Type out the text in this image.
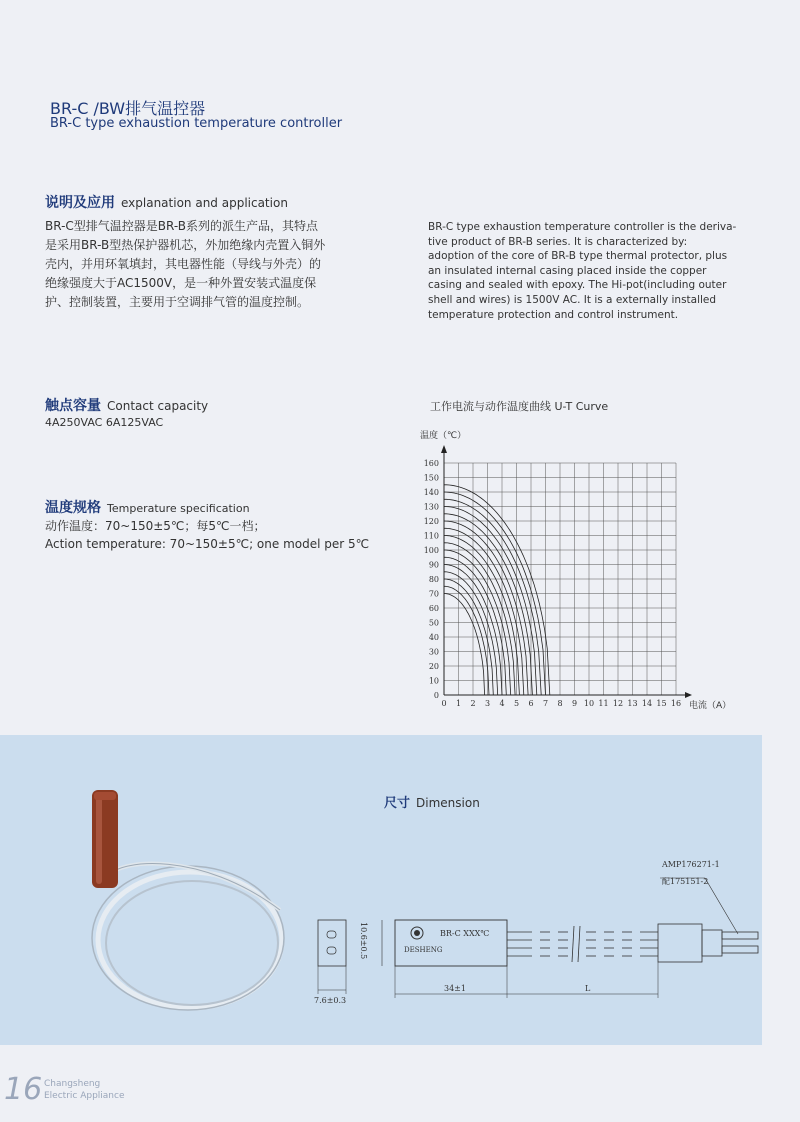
BR-C /BW排气温控器
BR-C type exhaustion temperature controller
说明及应用 explanation and application
BR-C型排气温控器是BR-B系列的派生产品，其特点
是采用BR-B型热保护器机芯，外加绝缘内壳置入铜外
壳内，并用环氧填封，其电器性能（导线与外壳）的
绝缘强度大于AC1500V，是一种外置安装式温度保
护、控制装置，主要用于空调排气管的温度控制。
BR-C type exhaustion temperature controller is the deriva-
tive product of BR-B series. It is characterized by:
adoption of the core of BR-B type thermal protector, plus
an insulated internal casing placed inside the copper
casing and sealed with epoxy. The Hi-pot(including outer
shell and wires) is 1500V AC. It is a externally installed
temperature protection and control instrument.
触点容量 Contact capacity
4A250VAC 6A125VAC
温度规格 Temperature specification
动作温度：70~150±5℃；每5℃一档；
Action temperature: 70~150±5℃; one model per 5℃
工作电流与动作温度曲线 U-T Curve
温度（℃）
电流（A）
0 1 2 3 4 5 6 7 8 9 10 11 12 13 14 15 16
0
10
20
30
40
50
60
70
80
90
100
110
120
130
140
150
160
尺寸 Dimension
7.6±0.3
10.6±0.5	BR-C XXX℃
DESHENG
AMP176271-1
配175151-2
34±1	L
16 Changsheng
Electric Appliance
